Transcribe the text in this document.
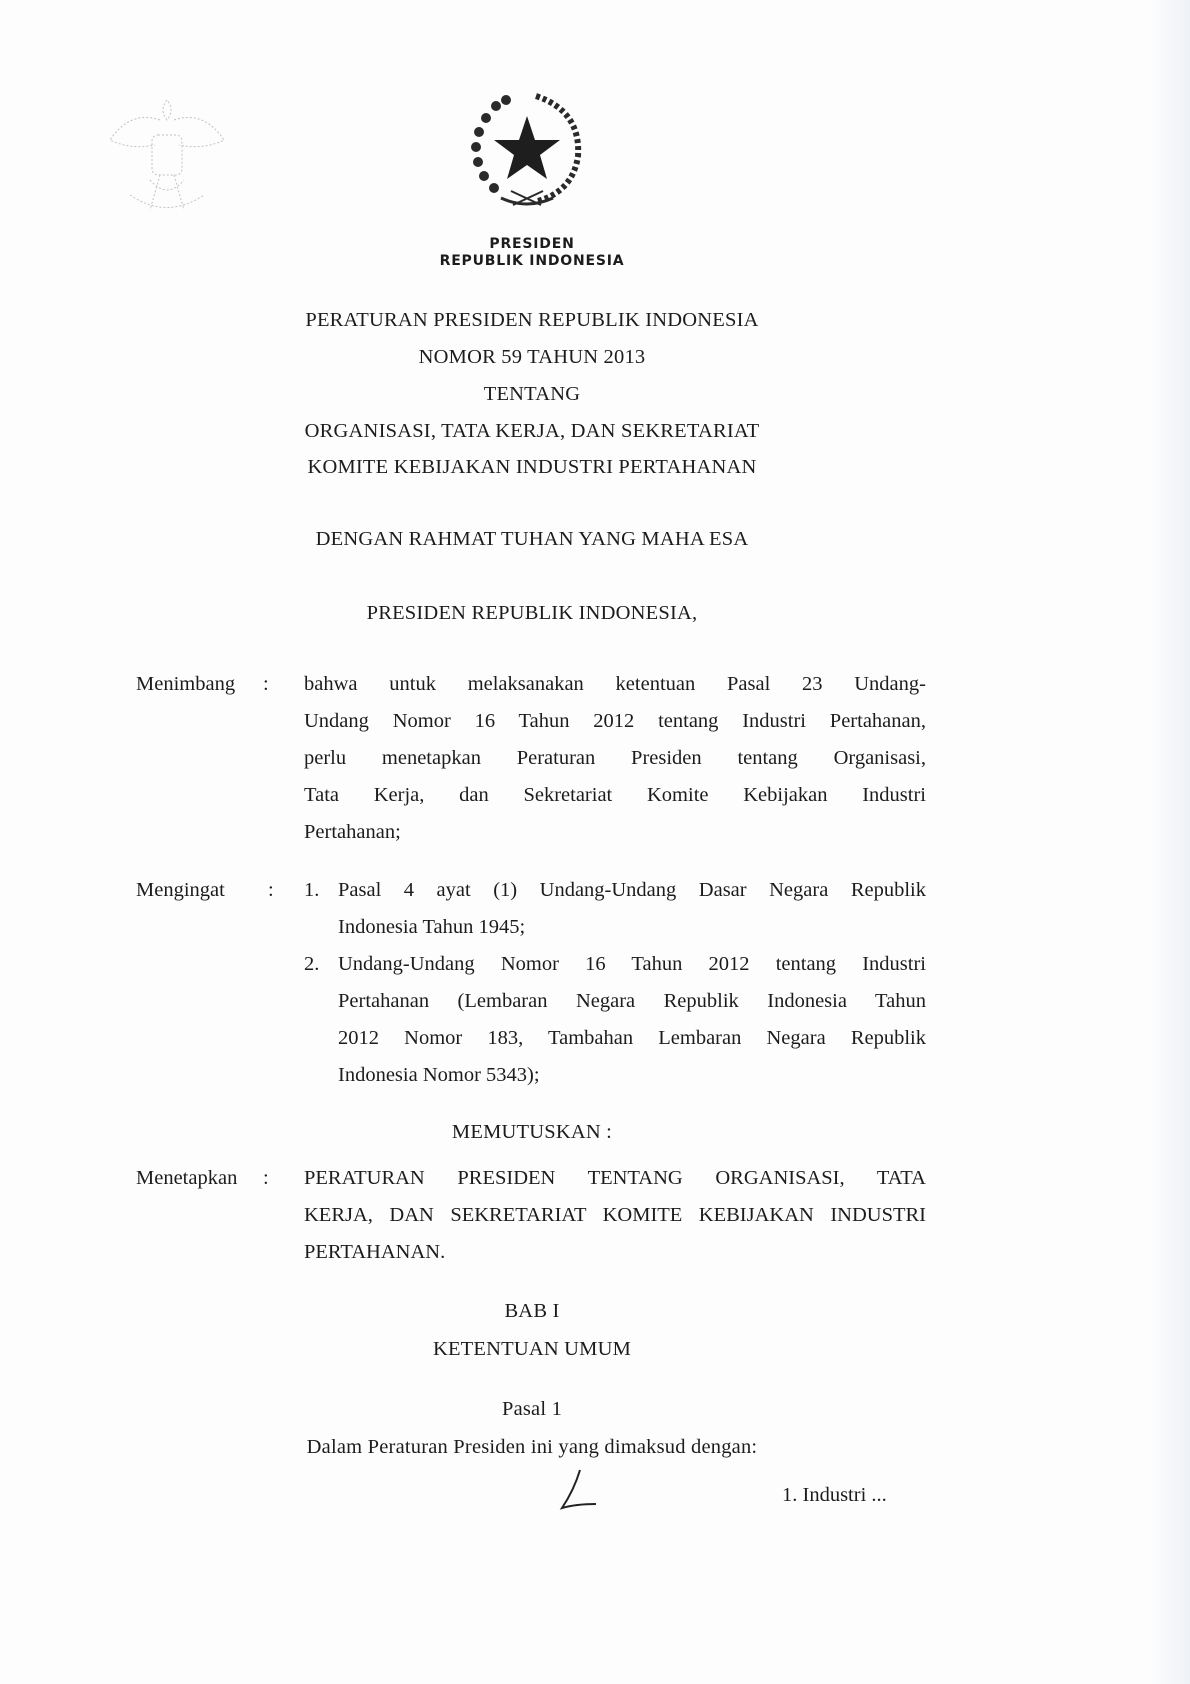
PRESIDEN
REPUBLIK INDONESIA
PERATURAN PRESIDEN REPUBLIK INDONESIA
NOMOR 59 TAHUN 2013
TENTANG
ORGANISASI, TATA KERJA, DAN SEKRETARIAT
KOMITE KEBIJAKAN INDUSTRI PERTAHANAN
DENGAN RAHMAT TUHAN YANG MAHA ESA
PRESIDEN REPUBLIK INDONESIA,
Menimbang : bahwa untuk melaksanakan ketentuan Pasal 23 Undang-
Undang Nomor 16 Tahun 2012 tentang Industri Pertahanan,
perlu menetapkan Peraturan Presiden tentang Organisasi,
Tata Kerja, dan Sekretariat Komite Kebijakan Industri
Pertahanan;
Mengingat : 1. Pasal 4 ayat (1) Undang-Undang Dasar Negara Republik
Indonesia Tahun 1945;
2. Undang-Undang Nomor 16 Tahun 2012 tentang Industri
Pertahanan (Lembaran Negara Republik Indonesia Tahun
2012 Nomor 183, Tambahan Lembaran Negara Republik
Indonesia Nomor 5343);
MEMUTUSKAN :
Menetapkan : PERATURAN PRESIDEN TENTANG ORGANISASI, TATA
KERJA, DAN SEKRETARIAT KOMITE KEBIJAKAN INDUSTRI
PERTAHANAN.
BAB I
KETENTUAN UMUM
Pasal 1
Dalam Peraturan Presiden ini yang dimaksud dengan:
1. Industri ...
